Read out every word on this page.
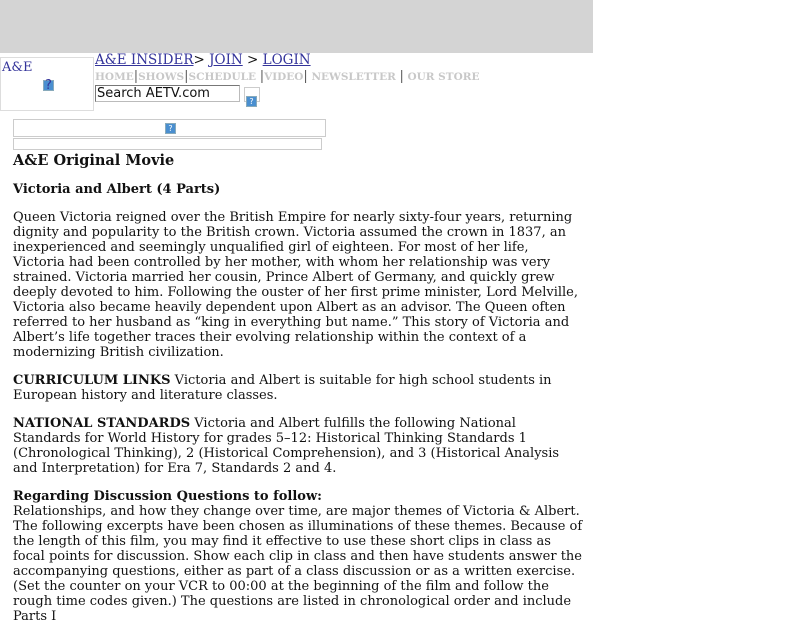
A&E
?
A&E INSIDER> JOIN > LOGIN
HOME|SHOWS|SCHEDULE |VIDEO| NEWSLETTER | OUR STORE
Search AETV.com
?
?
A&E Original Movie
Victoria and Albert (4 Parts)

Queen Victoria reigned over the British Empire for nearly sixty-four years, returning dignity and popularity to the British crown. Victoria assumed the crown in 1837, an inexperienced and seemingly unqualified girl of eighteen. For most of her life, Victoria had been controlled by her mother, with whom her relationship was very strained. Victoria married her cousin, Prince Albert of Germany, and quickly grew deeply devoted to him. Following the ouster of her first prime minister, Lord Melville, Victoria also became heavily dependent upon Albert as an advisor. The Queen often referred to her husband as “king in everything but name.” This story of Victoria and Albert’s life together traces their evolving relationship within the context of a modernizing British civilization.

CURRICULUM LINKS Victoria and Albert is suitable for high school students in European history and literature classes.

NATIONAL STANDARDS Victoria and Albert fulfills the following National Standards for World History for grades 5–12: Historical Thinking Standards 1 (Chronological Thinking), 2 (Historical Comprehension), and 3 (Historical Analysis and Interpretation) for Era 7, Standards 2 and 4.

Regarding Discussion Questions to follow:
Relationships, and how they change over time, are major themes of Victoria & Albert. The following excerpts have been chosen as illuminations of these themes. Because of the length of this film, you may find it effective to use these short clips in class as focal points for discussion. Show each clip in class and then have students answer the accompanying questions, either as part of a class discussion or as a written exercise. (Set the counter on your VCR to 00:00 at the beginning of the film and follow the rough time codes given.) The questions are listed in chronological order and include Parts I
